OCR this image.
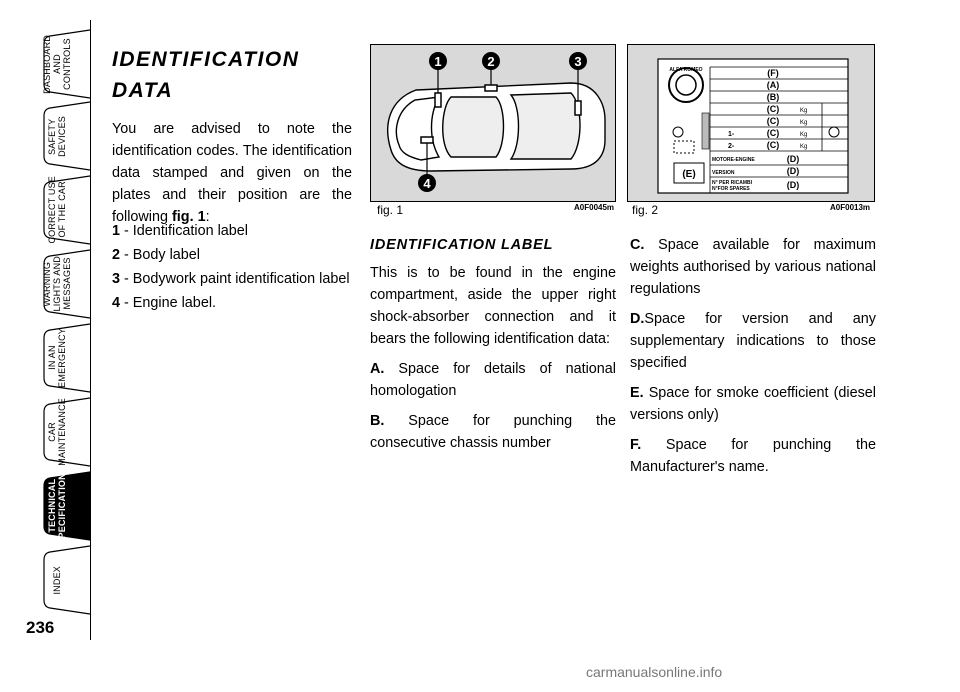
DASHBOARD
AND
CONTROLS
SAFETY
DEVICES
CORRECT USE
OF THE CAR
WARNING
LIGHTS AND
MESSAGES
IN AN
EMERGENCY
CAR
MAINTENANCE
TECHNICAL
SPECIFICATIONS
INDEX
236
IDENTIFICATION DATA
You are advised to note the identification codes. The identification data stamped and given on the plates and their position are the following fig. 1:
1 - Identification label
2 - Body label
3 - Bodywork paint identification label
4 - Engine label.
1	2	3
4
fig. 1	A0F0045m
ALFA ROMEO
(E)
(F)
(A)
(B)
(C)
(C)
(C)
(C)
(D)
(D)
(D)
Kg
Kg
Kg
Kg
1-
2-
MOTORE-ENGINE
VERSION
N° PER RICAMBI
N°FOR SPARES
fig. 2	A0F0013m
IDENTIFICATION LABEL

This is to be found in the engine compartment, aside the upper right shock-absorber connection and it bears the following identification data:

A. Space for details of national homologation

B. Space for punching the consecutive chassis number

C. Space available for maximum weights authorised by various national regulations

D.Space for version and any supplementary indications to those specified

E. Space for smoke coefficient (diesel versions only)

F. Space for punching the Manufacturer's name.

carmanualsonline.info
